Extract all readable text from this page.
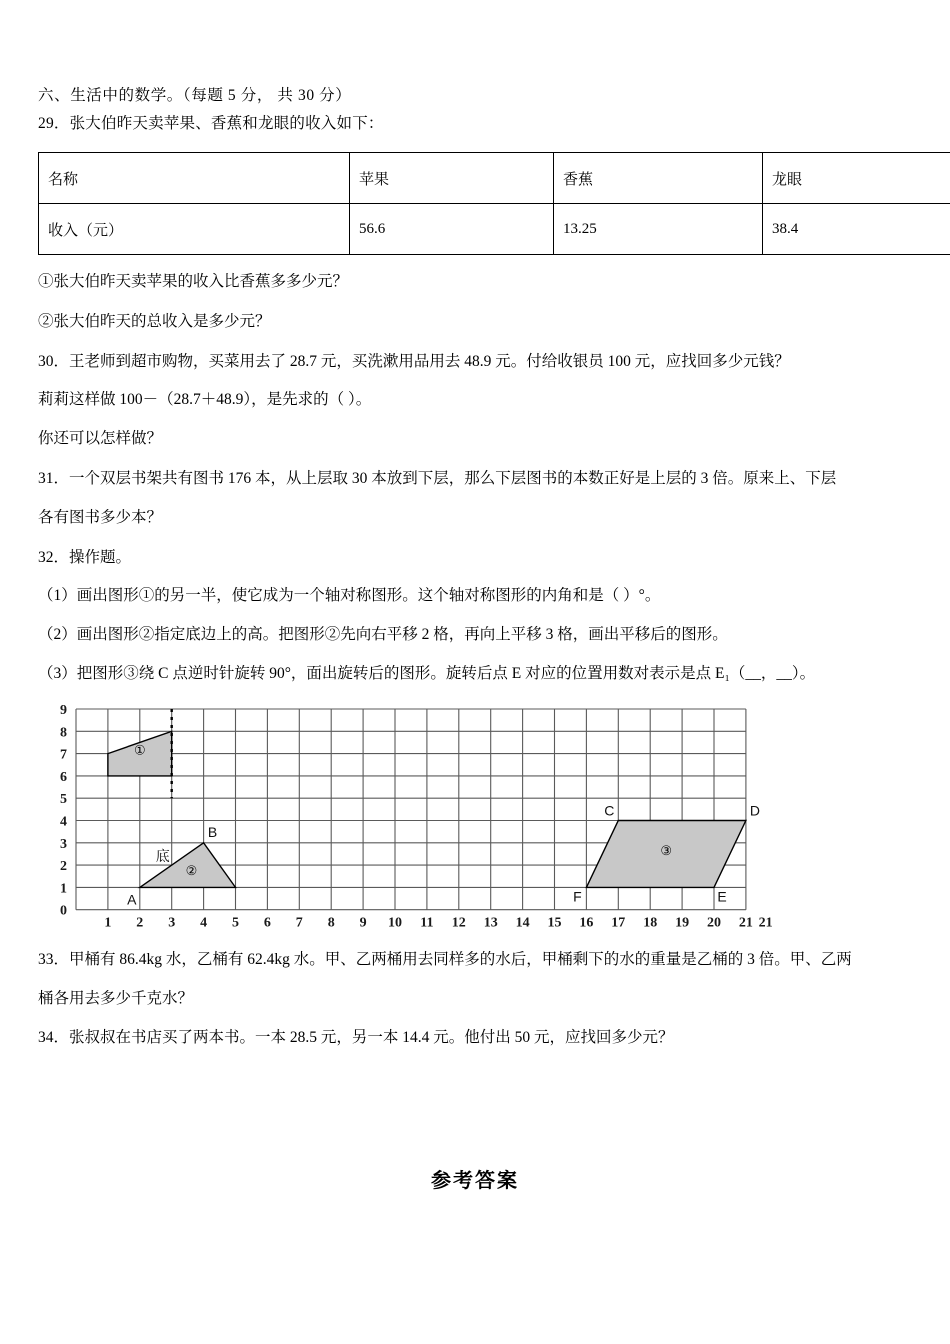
六、生活中的数学。（每题 5 分， 共 30 分）
29．张大伯昨天卖苹果、香蕉和龙眼的收入如下：
名称	苹果	香蕉	龙眼
收入（元）	56.6	13.25	38.4
①张大伯昨天卖苹果的收入比香蕉多多少元？
②张大伯昨天的总收入是多少元？
30．王老师到超市购物，买菜用去了 28.7 元，买洗漱用品用去 48.9 元。付给收银员 100 元，应找回多少元钱？
莉莉这样做 100－（28.7＋48.9），是先求的（ ）。
你还可以怎样做？
31．一个双层书架共有图书 176 本，从上层取 30 本放到下层，那么下层图书的本数正好是上层的 3 倍。原来上、下层
各有图书多少本？
32．操作题。
（1）画出图形①的另一半，使它成为一个轴对称图形。这个轴对称图形的内角和是（ ）°。
（2）画出图形②指定底边上的高。把图形②先向右平移 2 格，再向上平移 3 格，画出平移后的图形。
（3）把图形③绕 C 点逆时针旋转 90°，面出旋转后的图形。旋转后点 E 对应的位置用数对表示是点 E₁（__，__）。
1 2 3 4 5 6 7 8 9 10 11 12 13 14 15 16 17 18 19 20 21 21
0
1
2
3
4
5
6
7
8
9
①
②
③
A
B
底
C	D
E
F
33．甲桶有 86.4kg 水，乙桶有 62.4kg 水。甲、乙两桶用去同样多的水后，甲桶剩下的水的重量是乙桶的 3 倍。甲、乙两
桶各用去多少千克水？
34．张叔叔在书店买了两本书。一本 28.5 元，另一本 14.4 元。他付出 50 元，应找回多少元？
参考答案
